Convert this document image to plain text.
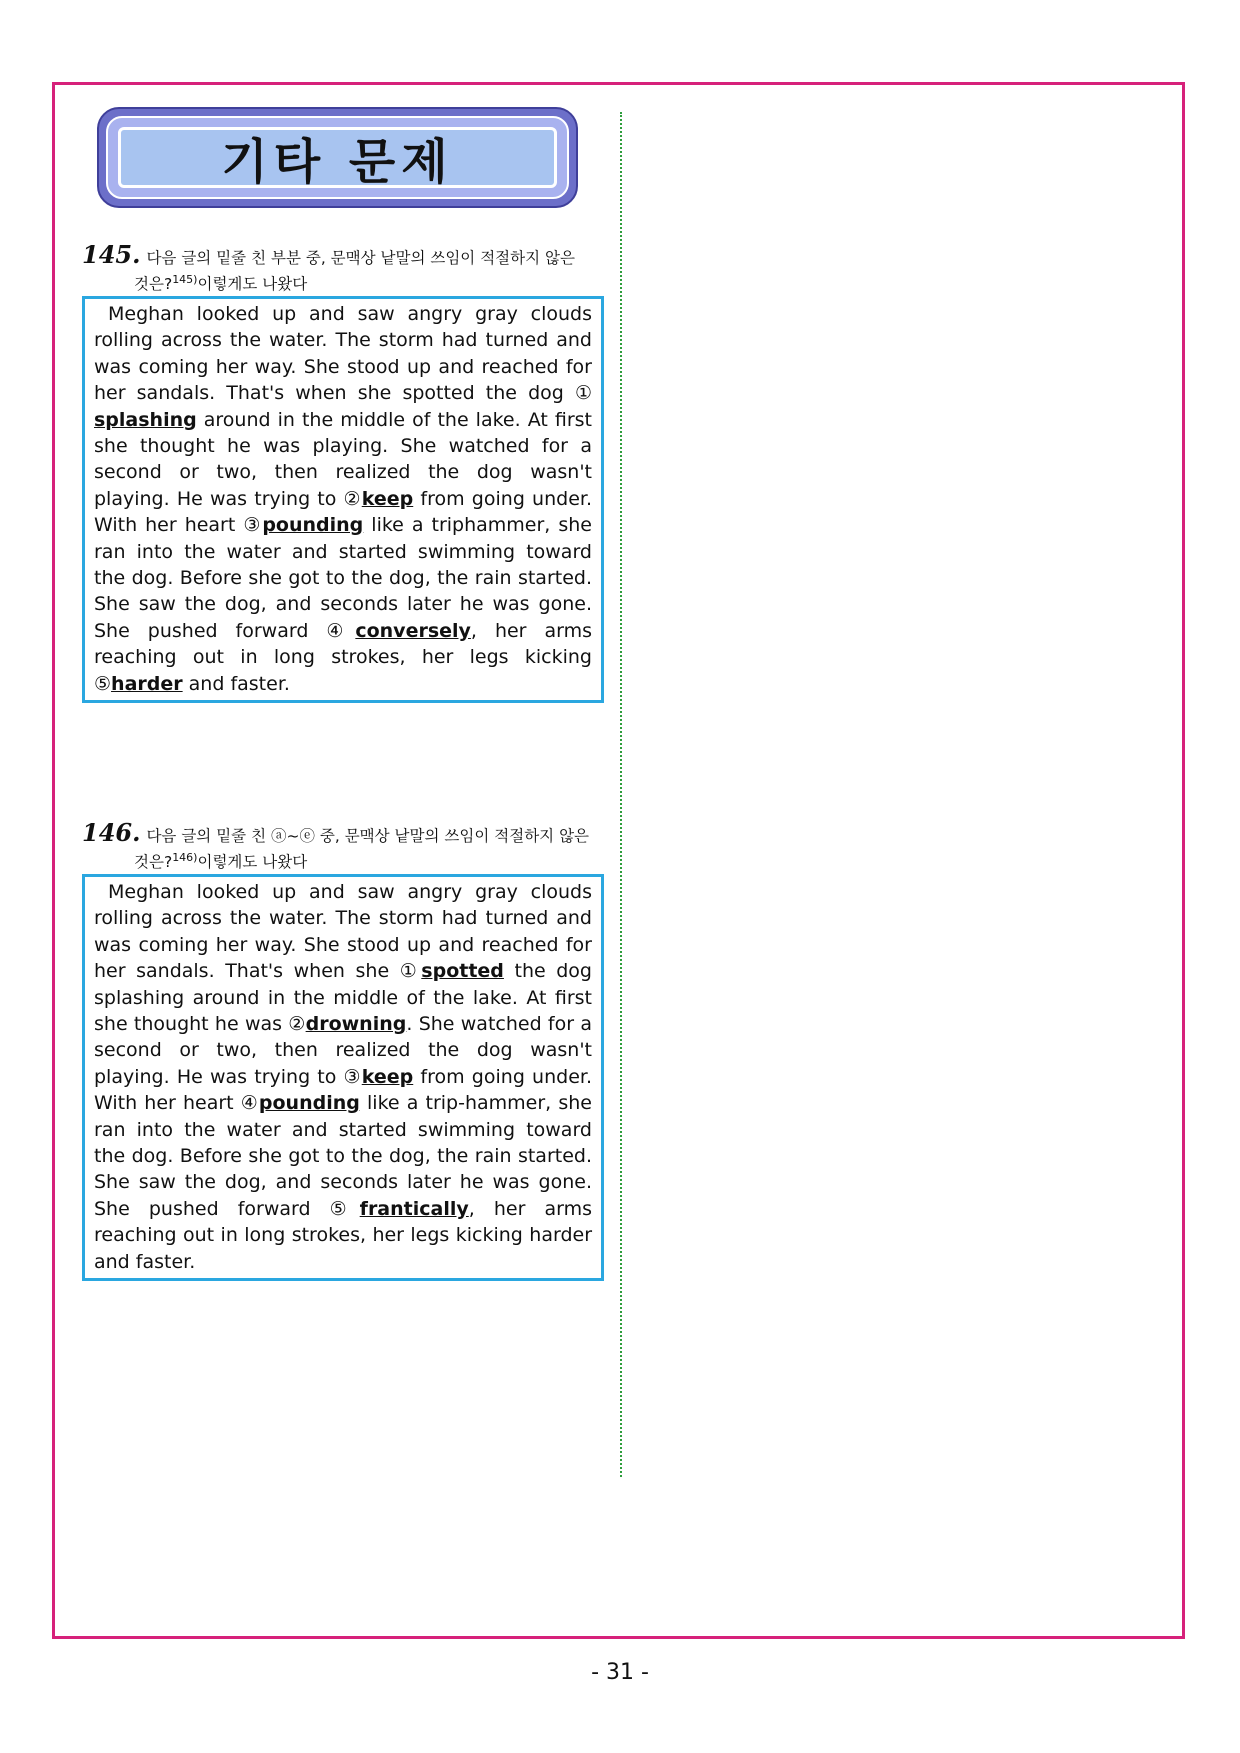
기타 문제
145. 다음 글의 밑줄 친 부분 중, 문맥상 낱말의 쓰임이 적절하지 않은
것은?$^{145)}$이렇게도 나왔다
Meghan looked up and saw angry gray clouds rolling across the water. The storm had turned and was coming her way. She stood up and reached for her sandals. That's when she spotted the dog ① splashing around in the middle of the lake. At first she thought he was playing. She watched for a second or two, then realized the dog wasn't playing. He was trying to ②keep from going under. With her heart ③pounding like a triphammer, she ran into the water and started swimming toward the dog. Before she got to the dog, the rain started. She saw the dog, and seconds later he was gone. She pushed forward ④conversely, her arms reaching out in long strokes, her legs kicking ⑤harder and faster.
146. 다음 글의 밑줄 친 ⓐ~ⓔ 중, 문맥상 낱말의 쓰임이 적절하지 않은
것은?$^{146)}$이렇게도 나왔다
Meghan looked up and saw angry gray clouds rolling across the water. The storm had turned and was coming her way. She stood up and reached for her sandals. That's when she ①spotted the dog splashing around in the middle of the lake. At first she thought he was ②drowning. She watched for a second or two, then realized the dog wasn't playing. He was trying to ③keep from going under. With her heart ④pounding like a trip-hammer, she ran into the water and started swimming toward the dog. Before she got to the dog, the rain started. She saw the dog, and seconds later he was gone. She pushed forward ⑤frantically, her arms reaching out in long strokes, her legs kicking harder and faster.
- 31 -
